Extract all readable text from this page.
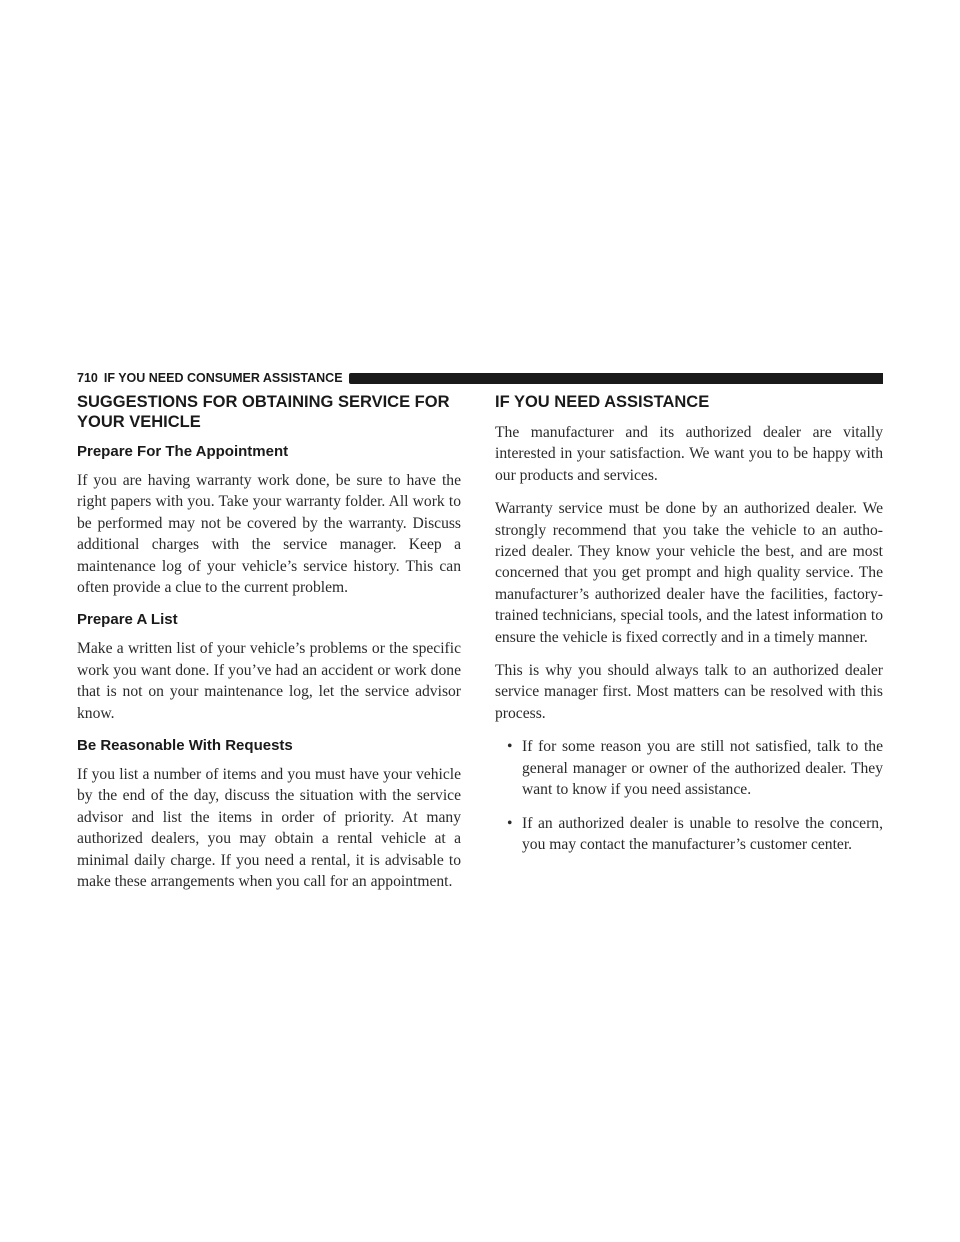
710 IF YOU NEED CONSUMER ASSISTANCE
SUGGESTIONS FOR OBTAINING SERVICE FOR YOUR VEHICLE
Prepare For The Appointment

If you are having warranty work done, be sure to have the right papers with you. Take your warranty folder. All work to be performed may not be covered by the warranty. Discuss additional charges with the service manager. Keep a maintenance log of your vehicle’s service history. This can often provide a clue to the current problem.

Prepare A List

Make a written list of your vehicle’s problems or the specific work you want done. If you’ve had an accident or work done that is not on your maintenance log, let the service advisor know.

Be Reasonable With Requests

If you list a number of items and you must have your vehicle by the end of the day, discuss the situation with the service advisor and list the items in order of priority. At many authorized dealers, you may obtain a rental vehicle at a minimal daily charge. If you need a rental, it is advisable to make these arrangements when you call for an appointment.

IF YOU NEED ASSISTANCE

The manufacturer and its authorized dealer are vitally interested in your satisfaction. We want you to be happy with our products and services.

Warranty service must be done by an authorized dealer. We strongly recommend that you take the vehicle to an autho-rized dealer. They know your vehicle the best, and are most concerned that you get prompt and high quality service. The manufacturer’s authorized dealer have the facilities, factory-trained technicians, special tools, and the latest information to ensure the vehicle is fixed correctly and in a timely manner.

This is why you should always talk to an authorized dealer service manager first. Most matters can be resolved with this process.

• If for some reason you are still not satisfied, talk to the general manager or owner of the authorized dealer. They want to know if you need assistance.
• If an authorized dealer is unable to resolve the concern, you may contact the manufacturer’s customer center.
